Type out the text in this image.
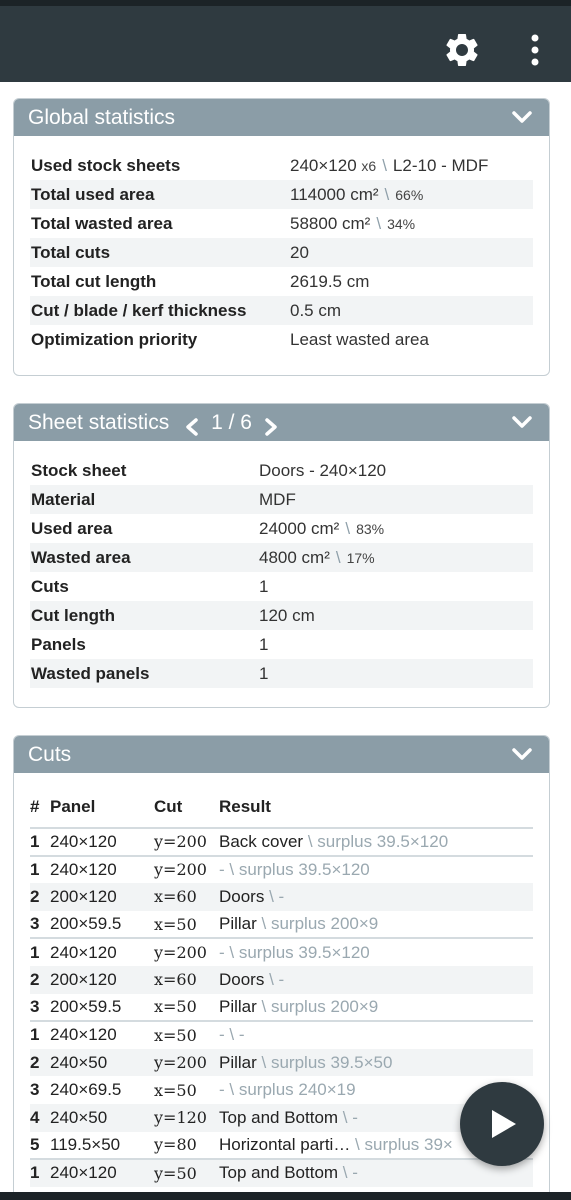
Global statistics
Used stock sheets	240×120 x6 \ L2-10 - MDF
Total used area	114000 cm² \ 66%
Total wasted area	58800 cm² \ 34%
Total cuts	20
Total cut length	2619.5 cm
Cut / blade / kerf thickness	0.5 cm
Optimization priority	Least wasted area
Sheet statistics 1 / 6
Stock sheet	Doors - 240×120
Material	MDF
Used area	24000 cm² \ 83%
Wasted area	4800 cm² \ 17%
Cuts	1
Cut length	120 cm
Panels	1
Wasted panels	1
Cuts
#	Panel	Cut	Result
1	240×120	y=200	Back cover \ surplus 39.5×120
1	240×120	y=200	- \ surplus 39.5×120
2	200×120	x=60	Doors \ -
3	200×59.5	x=50	Pillar \ surplus 200×9
1	240×120	y=200	- \ surplus 39.5×120
2	200×120	x=60	Doors \ -
3	200×59.5	x=50	Pillar \ surplus 200×9
1	240×120	x=50	- \ -
2	240×50	y=200	Pillar \ surplus 39.5×50
3	240×69.5	x=50	- \ surplus 240×19
4	240×50	y=120	Top and Bottom \ -
5	119.5×50	y=80	Horizontal parti… \ surplus 39×
1	240×120	y=50	Top and Bottom \ -
